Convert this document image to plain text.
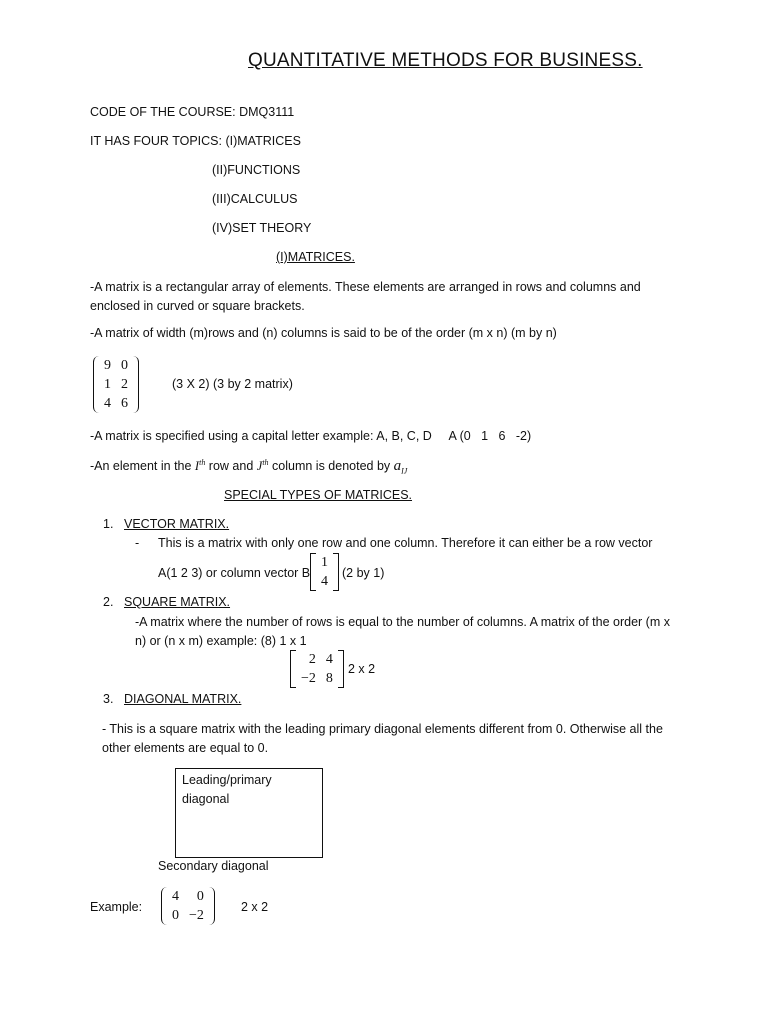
QUANTITATIVE METHODS FOR BUSINESS.
CODE OF THE COURSE: DMQ3111
IT HAS FOUR TOPICS: (I)MATRICES
(II)FUNCTIONS
(III)CALCULUS
(IV)SET THEORY
(I)MATRICES.
-A matrix is a rectangular array of elements. These elements are arranged in rows and columns and enclosed in curved or square brackets.
-A matrix of width (m)rows and (n) columns is said to be of the order (m x n) (m by n)
9	0
1	2
4	6
(3 X 2) (3 by 2 matrix)
-A matrix is specified using a capital letter example: A, B, C, D     A (0   1   6   -2)
-An element in the Ith row and $J^{th}$ column is denoted by $a_{IJ}$
SPECIAL TYPES OF MATRICES.
1. VECTOR MATRIX.
- This is a matrix with only one row and one column. Therefore it can either be a row vector
A(1 2 3) or column vector B
1
4
(2 by 1)
2. SQUARE MATRIX.
-A matrix where the number of rows is equal to the number of columns. A matrix of the order (m x n) or (n x m) example: (8) 1 x 1
2	4
−2	8
2 x 2
3. DIAGONAL MATRIX.
- This is a square matrix with the leading primary diagonal elements different from 0. Otherwise all the other elements are equal to 0.
Leading/primary diagonal
Secondary diagonal
Example:
4	0
0	−2
2 x 2
